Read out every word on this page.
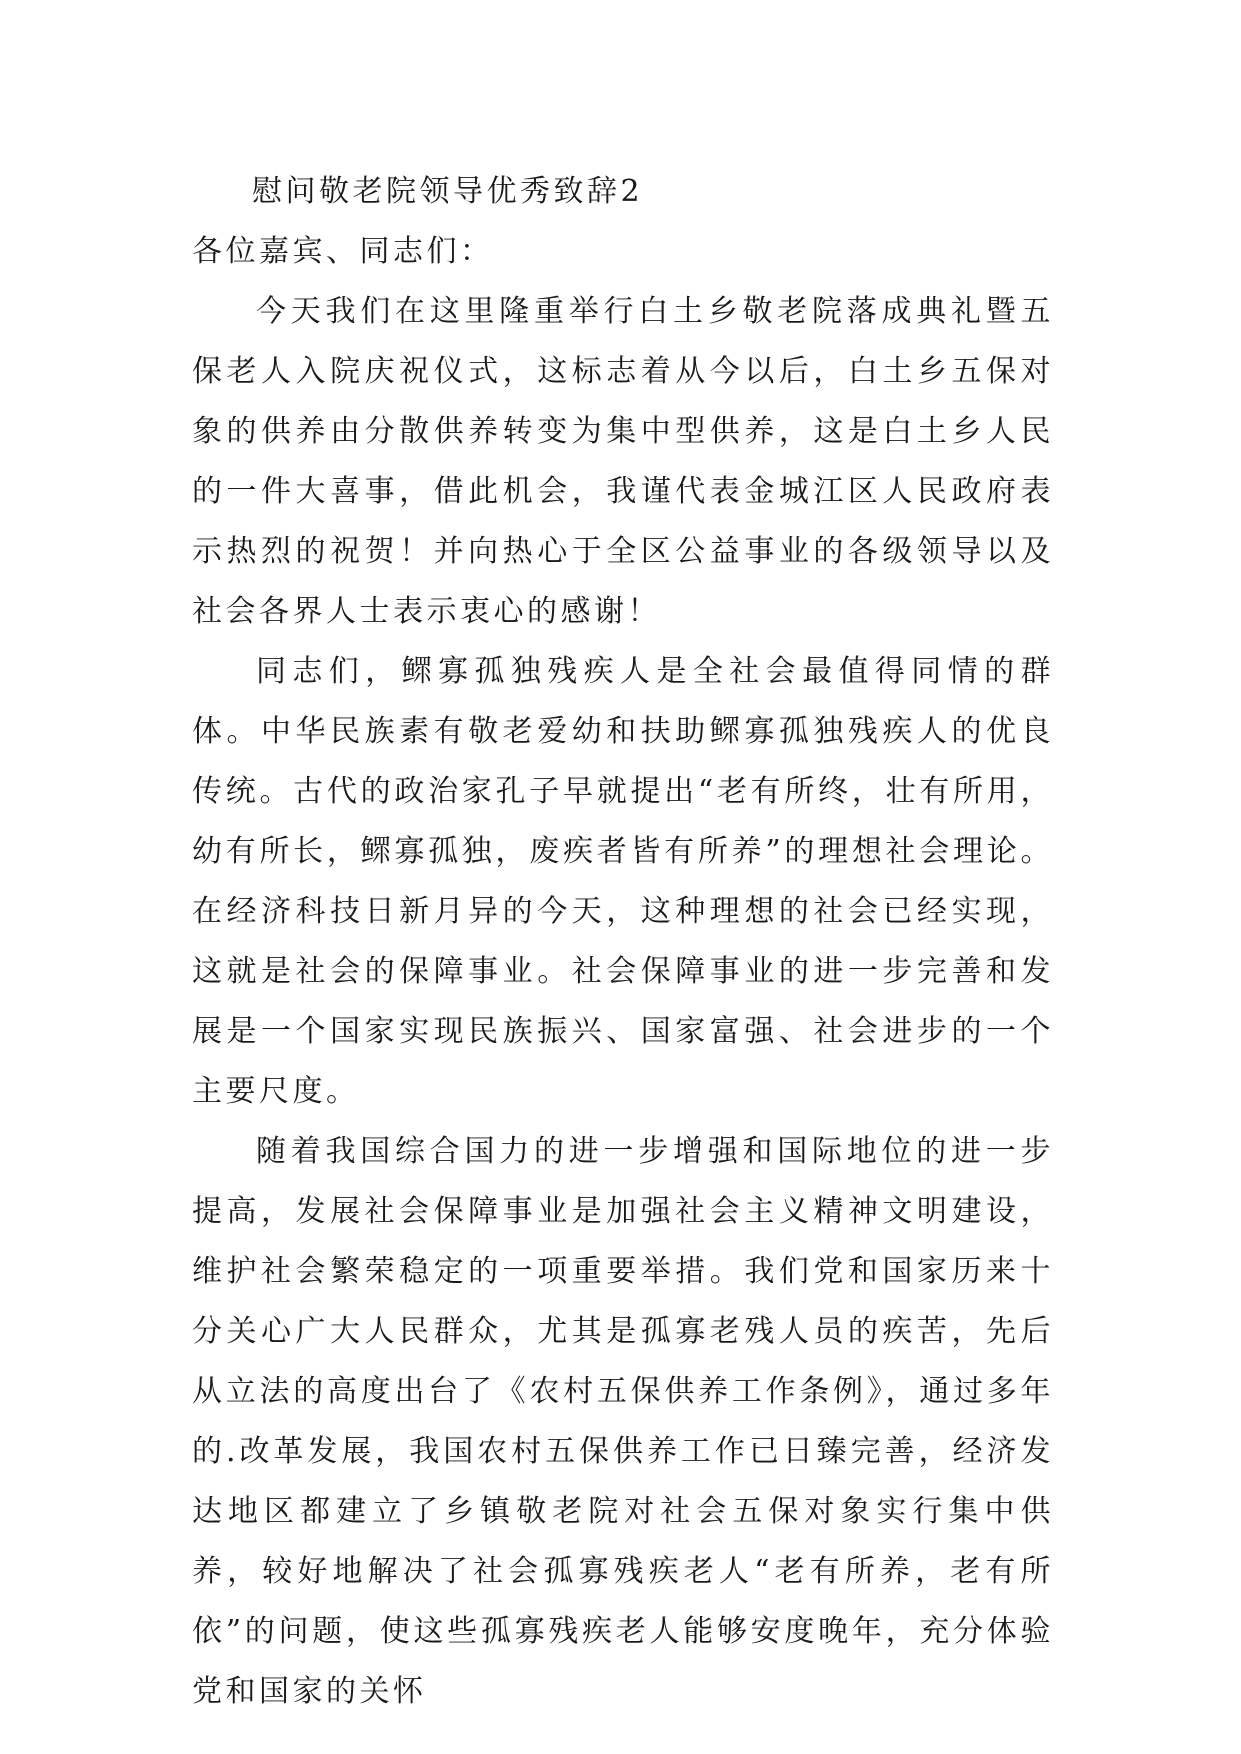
慰问敬老院领导优秀致辞2

各位嘉宾、同志们：

今天我们在这里隆重举行白土乡敬老院落成典礼暨五保老人入院庆祝仪式，这标志着从今以后，白土乡五保对象的供养由分散供养转变为集中型供养，这是白土乡人民的一件大喜事，借此机会，我谨代表金城江区人民政府表示热烈的祝贺！并向热心于全区公益事业的各级领导以及社会各界人士表示衷心的感谢！

同志们，鳏寡孤独残疾人是全社会最值得同情的群体。中华民族素有敬老爱幼和扶助鳏寡孤独残疾人的优良传统。古代的政治家孔子早就提出“老有所终，壮有所用，幼有所长，鳏寡孤独，废疾者皆有所养”的理想社会理论。在经济科技日新月异的今天，这种理想的社会已经实现，这就是社会的保障事业。社会保障事业的进一步完善和发展是一个国家实现民族振兴、国家富强、社会进步的一个主要尺度。

随着我国综合国力的进一步增强和国际地位的进一步提高，发展社会保障事业是加强社会主义精神文明建设，维护社会繁荣稳定的一项重要举措。我们党和国家历来十分关心广大人民群众，尤其是孤寡老残人员的疾苦，先后从立法的高度出台了《农村五保供养工作条例》，通过多年的.改革发展，我国农村五保供养工作已日臻完善，经济发达地区都建立了乡镇敬老院对社会五保对象实行集中供养，较好地解决了社会孤寡残疾老人“老有所养，老有所依”的问题，使这些孤寡残疾老人能够安度晚年，充分体验党和国家的关怀
